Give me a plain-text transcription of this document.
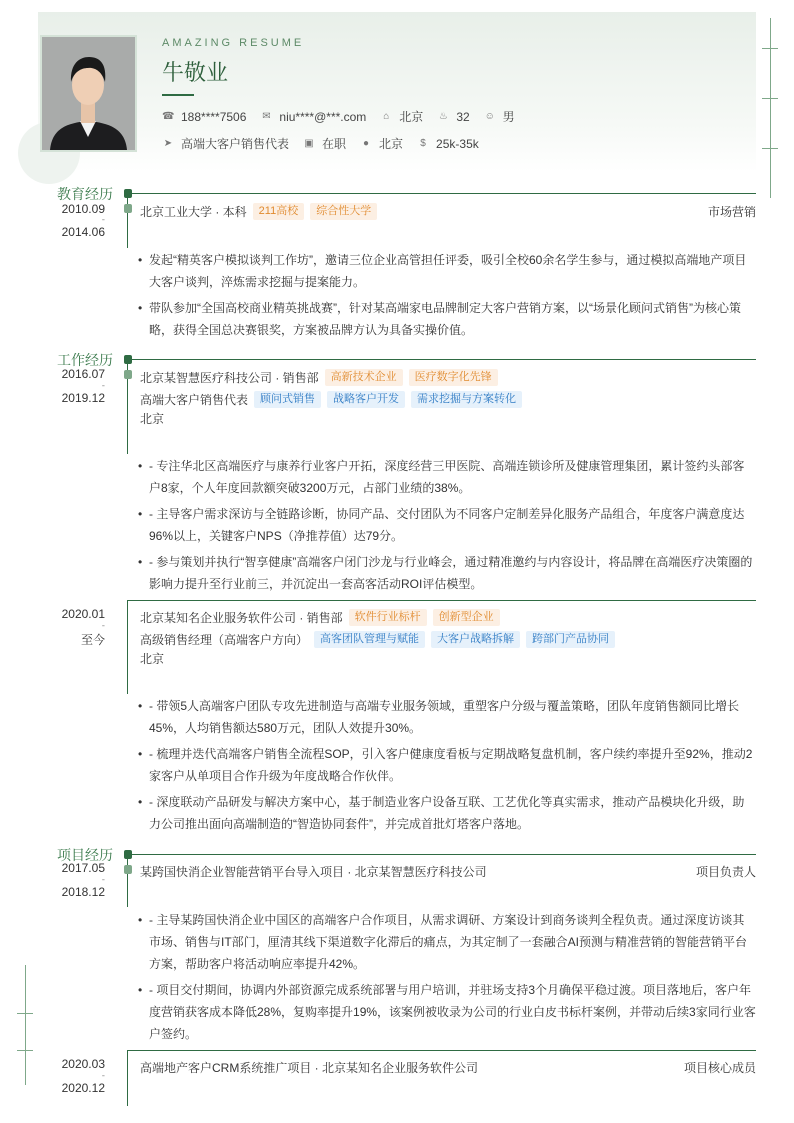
AMAZING RESUME
牛敬业
☎ 188****7506 ✉ niu****@***.com ⌂ 北京 ♨ 32 ☺ 男
➤ 高端大客户销售代表 ▣ 在职 ● 北京	$ 25k-35k
教育经历
2010.09
-
2014.06
北京工业大学 · 本科	211高校	综合性大学	市场营销
• 发起“精英客户模拟谈判工作坊”，邀请三位企业高管担任评委，吸引全校60余名学生参与，通过模拟高端地产项目大客户谈判，淬炼需求挖掘与提案能力。
• 带队参加“全国高校商业精英挑战赛”，针对某高端家电品牌制定大客户营销方案，以“场景化顾问式销售”为核心策略，获得全国总决赛银奖，方案被品牌方认为具备实操价值。
工作经历
2016.07
-
2019.12
北京某智慧医疗科技公司 · 销售部	高新技术企业	医疗数字化先锋
高端大客户销售代表	顾问式销售	战略客户开发	需求挖掘与方案转化
北京
• - 专注华北区高端医疗与康养行业客户开拓，深度经营三甲医院、高端连锁诊所及健康管理集团，累计签约头部客户8家，个人年度回款额突破3200万元，占部门业绩的38%。
• - 主导客户需求深访与全链路诊断，协同产品、交付团队为不同客户定制差异化服务产品组合，年度客户满意度达96%以上，关键客户NPS（净推荐值）达79分。
• - 参与策划并执行“智享健康”高端客户闭门沙龙与行业峰会，通过精准邀约与内容设计，将品牌在高端医疗决策圈的影响力提升至行业前三，并沉淀出一套高客活动ROI评估模型。
2020.01
-
至今
北京某知名企业服务软件公司 · 销售部	软件行业标杆	创新型企业
高级销售经理（高端客户方向）	高客团队管理与赋能	大客户战略拆解	跨部门产品协同
北京
• - 带领5人高端客户团队专攻先进制造与高端专业服务领域，重塑客户分级与覆盖策略，团队年度销售额同比增长45%，人均销售额达580万元，团队人效提升30%。
• - 梳理并迭代高端客户销售全流程SOP，引入客户健康度看板与定期战略复盘机制，客户续约率提升至92%，推动2家客户从单项目合作升级为年度战略合作伙伴。
• - 深度联动产品研发与解决方案中心，基于制造业客户设备互联、工艺优化等真实需求，推动产品模块化升级，助力公司推出面向高端制造的“智造协同套件”，并完成首批灯塔客户落地。
项目经历
2017.05
-
2018.12
某跨国快消企业智能营销平台导入项目 · 北京某智慧医疗科技公司	项目负责人
• - 主导某跨国快消企业中国区的高端客户合作项目，从需求调研、方案设计到商务谈判全程负责。通过深度访谈其市场、销售与IT部门，厘清其线下渠道数字化滞后的痛点，为其定制了一套融合AI预测与精准营销的智能营销平台方案，帮助客户将活动响应率提升42%。
• - 项目交付期间，协调内外部资源完成系统部署与用户培训，并驻场支持3个月确保平稳过渡。项目落地后，客户年度营销获客成本降低28%，复购率提升19%，该案例被收录为公司的行业白皮书标杆案例，并带动后续3家同行业客户签约。
2020.03
-
2020.12
高端地产客户CRM系统推广项目 · 北京某知名企业服务软件公司	项目核心成员
